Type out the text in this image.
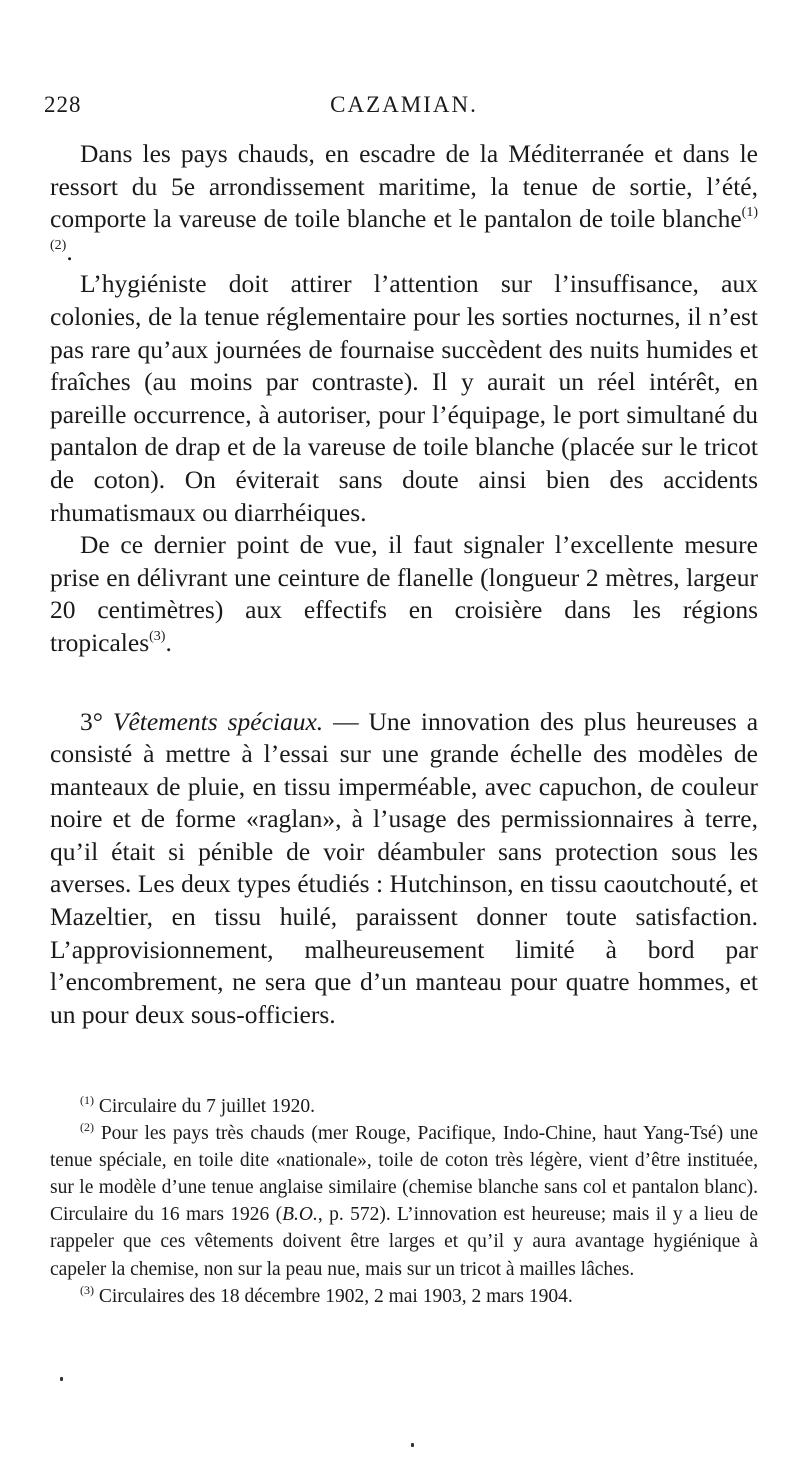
228	CAZAMIAN.

Dans les pays chauds, en escadre de la Méditerranée et dans le ressort du 5e arrondissement maritime, la tenue de sortie, l’été, comporte la vareuse de toile blanche et le pantalon de toile blanche$^{(1)(2)}$.

L’hygiéniste doit attirer l’attention sur l’insuffisance, aux colonies, de la tenue réglementaire pour les sorties nocturnes, il n’est pas rare qu’aux journées de fournaise succèdent des nuits humides et fraîches (au moins par contraste). Il y aurait un réel intérêt, en pareille occurrence, à autoriser, pour l’équipage, le port simultané du pantalon de drap et de la vareuse de toile blanche (placée sur le tricot de coton). On éviterait sans doute ainsi bien des accidents rhumatismaux ou diarrhéiques.

De ce dernier point de vue, il faut signaler l’excellente mesure prise en délivrant une ceinture de flanelle (longueur 2 mètres, largeur 20 centimètres) aux effectifs en croisière dans les régions tropicales$^{(3)}$.

3° Vêtements spéciaux. — Une innovation des plus heureuses a consisté à mettre à l’essai sur une grande échelle des modèles de manteaux de pluie, en tissu imperméable, avec capuchon, de couleur noire et de forme «raglan», à l’usage des permissionnaires à terre, qu’il était si pénible de voir déambuler sans protection sous les averses. Les deux types étudiés : Hutchinson, en tissu caoutchouté, et Mazeltier, en tissu huilé, paraissent donner toute satisfaction. L’approvisionnement, malheureusement limité à bord par l’encombrement, ne sera que d’un manteau pour quatre hommes, et un pour deux sous-officiers.

$^{(1)}$ Circulaire du 7 juillet 1920.

$^{(2)}$ Pour les pays très chauds (mer Rouge, Pacifique, Indo-Chine, haut Yang-Tsé) une tenue spéciale, en toile dite «nationale», toile de coton très légère, vient d’être instituée, sur le modèle d’une tenue anglaise similaire (chemise blanche sans col et pantalon blanc). Circulaire du 16 mars 1926 (B.O., p. 572). L’innovation est heureuse; mais il y a lieu de rappeler que ces vêtements doivent être larges et qu’il y aura avantage hygiénique à capeler la chemise, non sur la peau nue, mais sur un tricot à mailles lâches.

$^{(3)}$ Circulaires des 18 décembre 1902, 2 mai 1903, 2 mars 1904.
